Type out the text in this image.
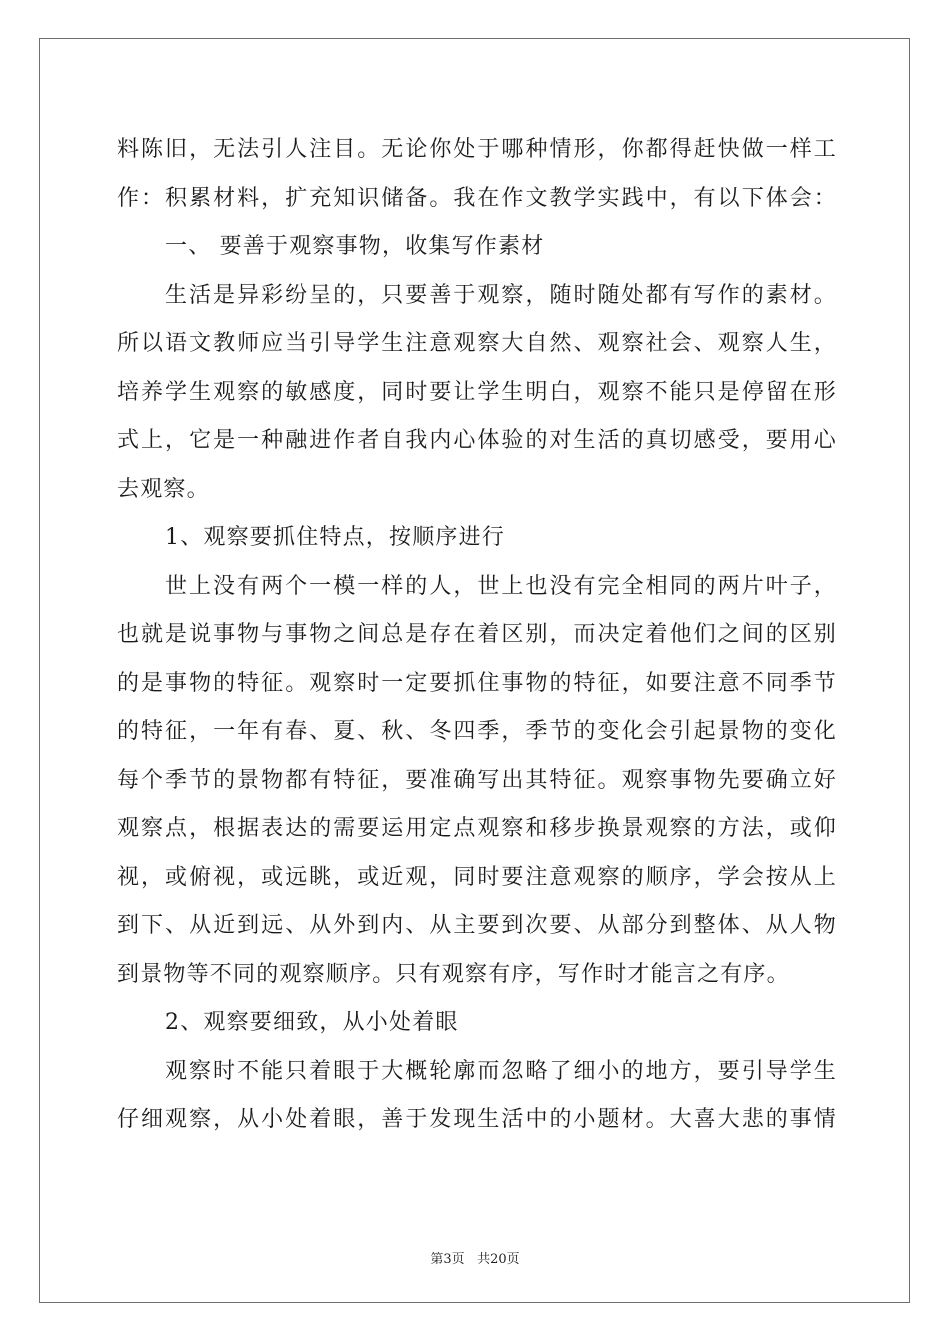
料陈旧，无法引人注目。无论你处于哪种情形，你都得赶快做一样工
作：积累材料，扩充知识储备。我在作文教学实践中，有以下体会：
一、 要善于观察事物，收集写作素材
生活是异彩纷呈的，只要善于观察，随时随处都有写作的素材。
所以语文教师应当引导学生注意观察大自然、观察社会、观察人生，
培养学生观察的敏感度，同时要让学生明白，观察不能只是停留在形
式上，它是一种融进作者自我内心体验的对生活的真切感受，要用心
去观察。
1、观察要抓住特点，按顺序进行
世上没有两个一模一样的人，世上也没有完全相同的两片叶子，
也就是说事物与事物之间总是存在着区别，而决定着他们之间的区别
的是事物的特征。观察时一定要抓住事物的特征，如要注意不同季节
的特征，一年有春、夏、秋、冬四季，季节的变化会引起景物的变化
每个季节的景物都有特征，要准确写出其特征。观察事物先要确立好
观察点，根据表达的需要运用定点观察和移步换景观察的方法，或仰
视，或俯视，或远眺，或近观，同时要注意观察的顺序，学会按从上
到下、从近到远、从外到内、从主要到次要、从部分到整体、从人物
到景物等不同的观察顺序。只有观察有序，写作时才能言之有序。
2、观察要细致，从小处着眼
观察时不能只着眼于大概轮廓而忽略了细小的地方，要引导学生
仔细观察，从小处着眼，善于发现生活中的小题材。大喜大悲的事情
第3页 共20页
